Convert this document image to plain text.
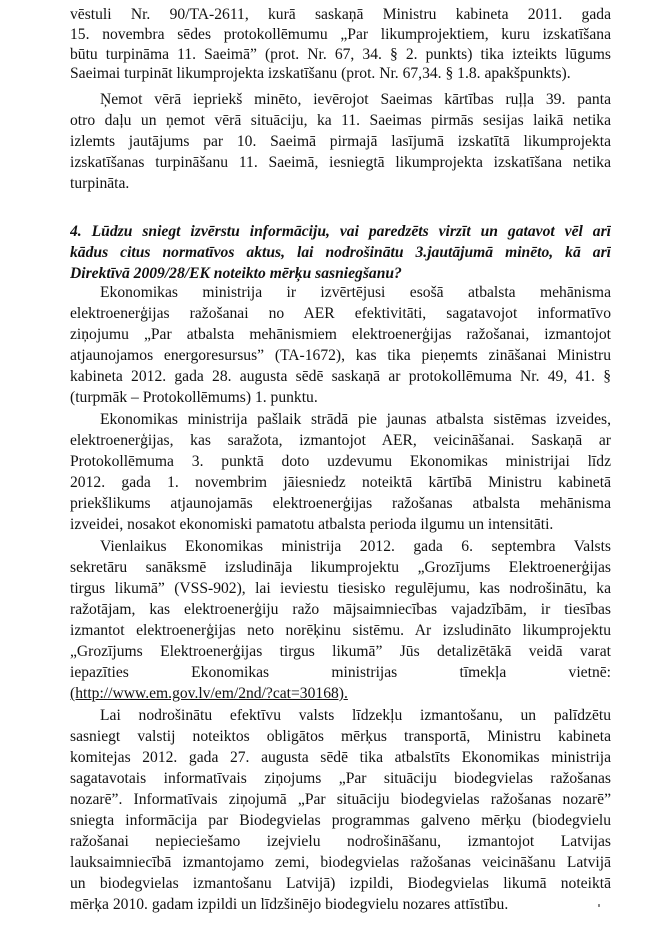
vēstuli Nr. 90/TA-2611, kurā saskaņā Ministru kabineta 2011. gada
15. novembra sēdes protokollēmumu „Par likumprojektiem, kuru izskatīšana
būtu turpināma 11. Saeimā” (prot. Nr. 67, 34. § 2. punkts) tika izteikts lūgums
Saeimai turpināt likumprojekta izskatīšanu (prot. Nr. 67,34. § 1.8. apakšpunkts).
Ņemot vērā iepriekš minēto, ievērojot Saeimas kārtības ruļļa 39. panta
otro daļu un ņemot vērā situāciju, ka 11. Saeimas pirmās sesijas laikā netika
izlemts jautājums par 10. Saeimā pirmajā lasījumā izskatītā likumprojekta
izskatīšanas turpināšanu 11. Saeimā, iesniegtā likumprojekta izskatīšana netika
turpināta.
4. Lūdzu sniegt izvērstu informāciju, vai paredzēts virzīt un gatavot vēl arī
kādus citus normatīvos aktus, lai nodrošinātu 3.jautājumā minēto, kā arī
Direktīvā 2009/28/EK noteikto mērķu sasniegšanu?
Ekonomikas ministrija ir izvērtējusi esošā atbalsta mehānisma
elektroenerģijas ražošanai no AER efektivitāti, sagatavojot informatīvo
ziņojumu „Par atbalsta mehānismiem elektroenerģijas ražošanai, izmantojot
atjaunojamos energoresursus” (TA-1672), kas tika pieņemts zināšanai Ministru
kabineta 2012. gada 28. augusta sēdē saskaņā ar protokollēmuma Nr. 49, 41. §
(turpmāk – Protokollēmums) 1. punktu.
Ekonomikas ministrija pašlaik strādā pie jaunas atbalsta sistēmas izveides,
elektroenerģijas, kas saražota, izmantojot AER, veicināšanai. Saskaņā ar
Protokollēmuma 3. punktā doto uzdevumu Ekonomikas ministrijai līdz
2012. gada 1. novembrim jāiesniedz noteiktā kārtībā Ministru kabinetā
priekšlikums atjaunojamās elektroenerģijas ražošanas atbalsta mehānisma
izveidei, nosakot ekonomiski pamatotu atbalsta perioda ilgumu un intensitāti.
Vienlaikus Ekonomikas ministrija 2012. gada 6. septembra Valsts
sekretāru sanāksmē izsludināja likumprojektu „Grozījums Elektroenerģijas
tirgus likumā” (VSS-902), lai ieviestu tiesisko regulējumu, kas nodrošinātu, ka
ražotājam, kas elektroenerģiju ražo mājsaimniecības vajadzībām, ir tiesības
izmantot elektroenerģijas neto norēķinu sistēmu. Ar izsludināto likumprojektu
„Grozījums Elektroenerģijas tirgus likumā” Jūs detalizētākā veidā varat
iepazīties Ekonomikas ministrijas tīmekļa vietnē:
(http://www.em.gov.lv/em/2nd/?cat=30168).
Lai nodrošinātu efektīvu valsts līdzekļu izmantošanu, un palīdzētu
sasniegt valstij noteiktos obligātos mērķus transportā, Ministru kabineta
komitejas 2012. gada 27. augusta sēdē tika atbalstīts Ekonomikas ministrija
sagatavotais informatīvais ziņojums „Par situāciju biodegvielas ražošanas
nozarē”. Informatīvais ziņojumā „Par situāciju biodegvielas ražošanas nozarē”
sniegta informācija par Biodegvielas programmas galveno mērķu (biodegvielu
ražošanai nepieciešamo izejvielu nodrošināšanu, izmantojot Latvijas
lauksaimniecībā izmantojamo zemi, biodegvielas ražošanas veicināšanu Latvijā
un biodegvielas izmantošanu Latvijā) izpildi, Biodegvielas likumā noteiktā
mērķa 2010. gadam izpildi un līdzšinējo biodegvielu nozares attīstību.
